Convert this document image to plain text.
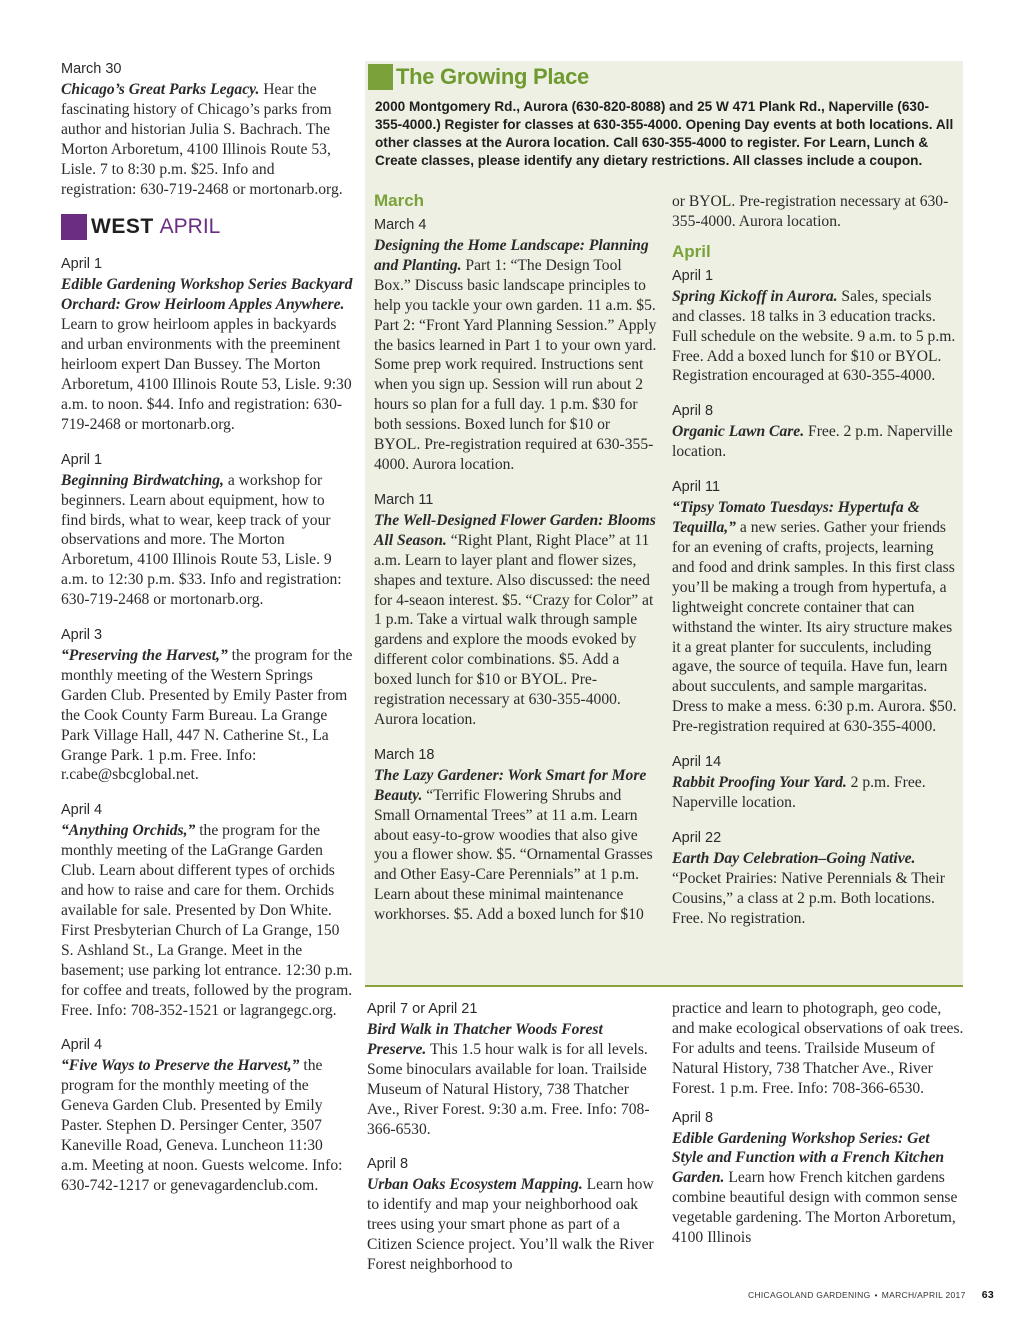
March 30

Chicago’s Great Parks Legacy. Hear the fascinating history of Chicago’s parks from author and historian Julia S. Bachrach. The Morton Arboretum, 4100 Illinois Route 53, Lisle. 7 to 8:30 p.m. $25. Info and registration: 630-719-2468 or mortonarb.org.

WEST APRIL

April 1

Edible Gardening Workshop Series Backyard Orchard: Grow Heirloom Apples Anywhere. Learn to grow heirloom apples in backyards and urban environments with the preeminent heirloom expert Dan Bussey. The Morton Arboretum, 4100 Illinois Route 53, Lisle. 9:30 a.m. to noon. $44. Info and registration: 630-719-2468 or mortonarb.org.

April 1

Beginning Birdwatching, a workshop for beginners. Learn about equipment, how to find birds, what to wear, keep track of your observations and more. The Morton Arboretum, 4100 Illinois Route 53, Lisle. 9 a.m. to 12:30 p.m. $33. Info and registration: 630-719-2468 or mortonarb.org.

April 3

“Preserving the Harvest,” the program for the monthly meeting of the Western Springs Garden Club. Presented by Emily Paster from the Cook County Farm Bureau. La Grange Park Village Hall, 447 N. Catherine St., La Grange Park. 1 p.m. Free. Info: r.cabe@sbcglobal.net.

April 4

“Anything Orchids,” the program for the monthly meeting of the LaGrange Garden Club. Learn about different types of orchids and how to raise and care for them. Orchids available for sale. Presented by Don White. First Presbyterian Church of La Grange, 150 S. Ashland St., La Grange. Meet in the basement; use parking lot entrance. 12:30 p.m. for coffee and treats, followed by the program. Free. Info: 708-352-1521 or lagrangegc.org.

April 4

“Five Ways to Preserve the Harvest,” the program for the monthly meeting of the Geneva Garden Club. Presented by Emily Paster. Stephen D. Persinger Center, 3507 Kaneville Road, Geneva. Luncheon 11:30 a.m. Meeting at noon. Guests welcome. Info: 630-742-1217 or genevagardenclub.com.

The Growing Place

2000 Montgomery Rd., Aurora (630-820-8088) and 25 W 471 Plank Rd., Naperville (630-355-4000.) Register for classes at 630-355-4000. Opening Day events at both locations. All other classes at the Aurora location. Call 630-355-4000 to register. For Learn, Lunch & Create classes, please identify any dietary restrictions. All classes include a coupon.

March

March 4

Designing the Home Landscape: Planning and Planting. Part 1: “The Design Tool Box.” Discuss basic landscape principles to help you tackle your own garden. 11 a.m. $5. Part 2: “Front Yard Planning Session.” Apply the basics learned in Part 1 to your own yard. Some prep work required. Instructions sent when you sign up. Session will run about 2 hours so plan for a full day. 1 p.m. $30 for both sessions. Boxed lunch for $10 or BYOL. Pre-registration required at 630-355-4000. Aurora location.

March 11

The Well-Designed Flower Garden: Blooms All Season. “Right Plant, Right Place” at 11 a.m. Learn to layer plant and flower sizes, shapes and texture. Also discussed: the need for 4-seaon interest. $5. “Crazy for Color” at 1 p.m. Take a virtual walk through sample gardens and explore the moods evoked by different color combinations. $5. Add a boxed lunch for $10 or BYOL. Pre-registration necessary at 630-355-4000. Aurora location.

March 18

The Lazy Gardener: Work Smart for More Beauty. “Terrific Flowering Shrubs and Small Ornamental Trees” at 11 a.m. Learn about easy-to-grow woodies that also give you a flower show. $5. “Ornamental Grasses and Other Easy-Care Perennials” at 1 p.m. Learn about these minimal maintenance workhorses. $5. Add a boxed lunch for $10

or BYOL. Pre-registration necessary at 630-355-4000. Aurora location.

April

April 1

Spring Kickoff in Aurora. Sales, specials and classes. 18 talks in 3 education tracks. Full schedule on the website. 9 a.m. to 5 p.m. Free. Add a boxed lunch for $10 or BYOL. Registration encouraged at 630-355-4000.

April 8

Organic Lawn Care. Free. 2 p.m. Naperville location.

April 11

“Tipsy Tomato Tuesdays: Hypertufa & Tequilla,” a new series. Gather your friends for an evening of crafts, projects, learning and food and drink samples. In this first class you’ll be making a trough from hypertufa, a lightweight concrete container that can withstand the winter. Its airy structure makes it a great planter for succulents, including agave, the source of tequila. Have fun, learn about succulents, and sample margaritas. Dress to make a mess. 6:30 p.m. Aurora. $50. Pre-registration required at 630-355-4000.

April 14

Rabbit Proofing Your Yard. 2 p.m. Free. Naperville location.

April 22

Earth Day Celebration–Going Native. “Pocket Prairies: Native Perennials & Their Cousins,” a class at 2 p.m. Both locations. Free. No registration.

April 7 or April 21

Bird Walk in Thatcher Woods Forest Preserve. This 1.5 hour walk is for all levels. Some binoculars available for loan. Trailside Museum of Natural History, 738 Thatcher Ave., River Forest. 9:30 a.m. Free. Info: 708-366-6530.

April 8

Urban Oaks Ecosystem Mapping. Learn how to identify and map your neighborhood oak trees using your smart phone as part of a Citizen Science project. You’ll walk the River Forest neighborhood to

practice and learn to photograph, geo code, and make ecological observations of oak trees. For adults and teens. Trailside Museum of Natural History, 738 Thatcher Ave., River Forest. 1 p.m. Free. Info: 708-366-6530.

April 8

Edible Gardening Workshop Series: Get Style and Function with a French Kitchen Garden. Learn how French kitchen gardens combine beautiful design with common sense vegetable gardening. The Morton Arboretum, 4100 Illinois

CHICAGOLAND GARDENING • MARCH/APRIL 2017 63
